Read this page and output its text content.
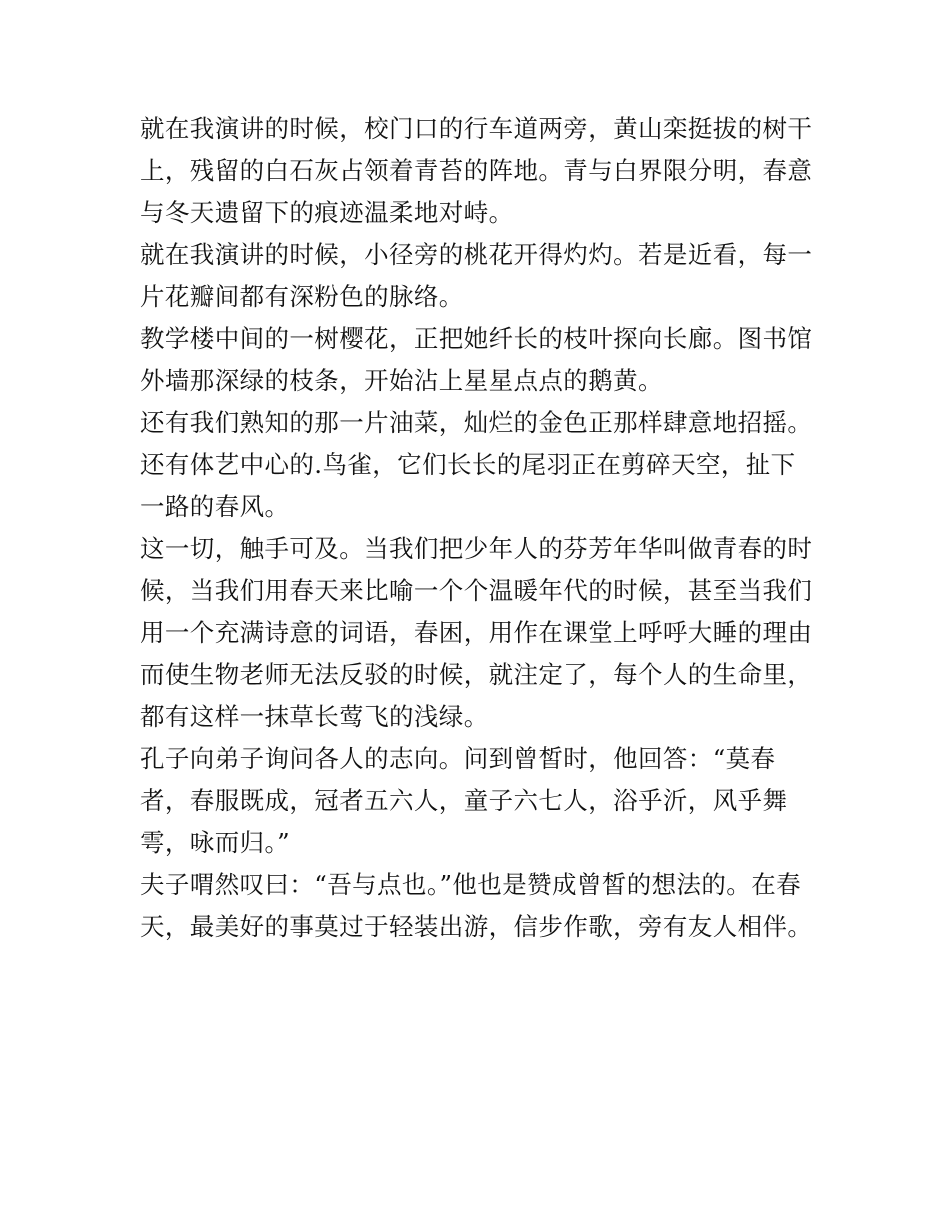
就在我演讲的时候，校门口的行车道两旁，黄山栾挺拔的树干
上，残留的白石灰占领着青苔的阵地。青与白界限分明，春意
与冬天遗留下的痕迹温柔地对峙。
就在我演讲的时候，小径旁的桃花开得灼灼。若是近看，每一
片花瓣间都有深粉色的脉络。
教学楼中间的一树樱花，正把她纤长的枝叶探向长廊。图书馆
外墙那深绿的枝条，开始沾上星星点点的鹅黄。
还有我们熟知的那一片油菜，灿烂的金色正那样肆意地招摇。
还有体艺中心的.鸟雀，它们长长的尾羽正在剪碎天空，扯下
一路的春风。
这一切，触手可及。当我们把少年人的芬芳年华叫做青春的时
候，当我们用春天来比喻一个个温暖年代的时候，甚至当我们
用一个充满诗意的词语，春困，用作在课堂上呼呼大睡的理由
而使生物老师无法反驳的时候，就注定了，每个人的生命里，
都有这样一抹草长莺飞的浅绿。
孔子向弟子询问各人的志向。问到曾皙时，他回答：“莫春
者，春服既成，冠者五六人，童子六七人，浴乎沂，风乎舞
雩，咏而归。”
夫子喟然叹曰：“吾与点也。”他也是赞成曾皙的想法的。在春
天，最美好的事莫过于轻装出游，信步作歌，旁有友人相伴。
